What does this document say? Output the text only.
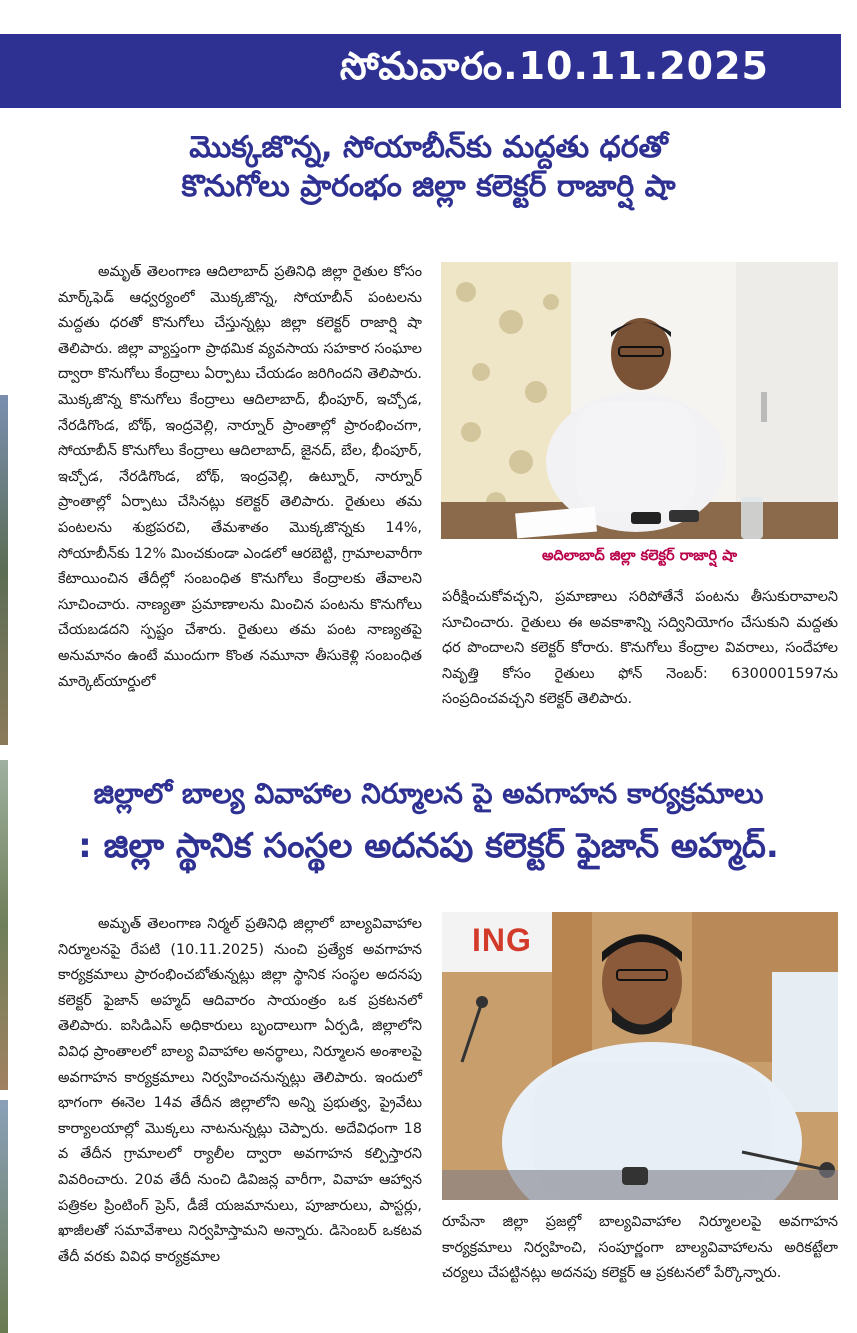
సోమవారం.10.11.2025
మొక్కజొన్న, సోయాబీన్‌కు మద్దతు ధరతో
కొనుగోలు ప్రారంభం జిల్లా కలెక్టర్ రాజార్షి షా

అమృత్ తెలంగాణ ఆదిలాబాద్ ప్రతినిధి జిల్లా రైతుల కోసం మార్క్‌ఫెడ్ ఆధ్వర్యంలో మొక్కజొన్న, సోయాబీన్ పంటలను మద్దతు ధరతో కొనుగోలు చేస్తున్నట్లు జిల్లా కలెక్టర్ రాజార్షి షా తెలిపారు. జిల్లా వ్యాప్తంగా ప్రాథమిక వ్యవసాయ సహకార సంఘాల ద్వారా కొనుగోలు కేంద్రాలు ఏర్పాటు చేయడం జరిగిందని తెలిపారు. మొక్కజొన్న కొనుగోలు కేంద్రాలు ఆదిలాబాద్, భీంపూర్, ఇచ్చోడ, నేరడిగొండ, బోథ్, ఇంద్రవెల్లి, నార్నూర్ ప్రాంతాల్లో ప్రారంభించగా, సోయాబీన్ కొనుగోలు కేంద్రాలు ఆదిలాబాద్, జైనద్, బేల, భీంపూర్, ఇచ్చోడ, నేరడిగొండ, బోథ్, ఇంద్రవెల్లి, ఉట్నూర్, నార్నూర్ ప్రాంతాల్లో ఏర్పాటు చేసినట్లు కలెక్టర్ తెలిపారు. రైతులు తమ పంటలను శుభ్రపరచి, తేమశాతం మొక్కజొన్నకు 14%, సోయాబీన్‌కు 12% మించకుండా ఎండలో ఆరబెట్టి, గ్రామాలవారీగా కేటాయించిన తేదీల్లో సంబంధిత కొనుగోలు కేంద్రాలకు తేవాలని సూచించారు. నాణ్యతా ప్రమాణాలను మించిన పంటను కొనుగోలు చేయబడదని స్పష్టం చేశారు. రైతులు తమ పంట నాణ్యతపై అనుమానం ఉంటే ముందుగా కొంత నమూనా తీసుకెళ్లి సంబంధిత మార్కెట్‌యార్డులో

అదిలాబాద్ జిల్లా కలెక్టర్ రాజార్షి షా

పరీక్షించుకోవచ్చని, ప్రమాణాలు సరిపోతేనే పంటను తీసుకురావాలని సూచించారు. రైతులు ఈ అవకాశాన్ని సద్వినియోగం చేసుకుని మద్దతు ధర పొందాలని కలెక్టర్ కోరారు. కొనుగోలు కేంద్రాల వివరాలు, సందేహాల నివృత్తి కోసం రైతులు ఫోన్ నెంబర్: 6300001597ను సంప్రదించవచ్చని కలెక్టర్ తెలిపారు.

జిల్లాలో బాల్య వివాహాల నిర్మూలన పై అవగాహన కార్యక్రమాలు
: జిల్లా స్థానిక సంస్థల అదనపు కలెక్టర్ ఫైజాన్ అహ్మద్.

అమృత్ తెలంగాణ నిర్మల్ ప్రతినిధి జిల్లాలో బాల్యవివాహాల నిర్మూలనపై రేపటి (10.11.2025) నుంచి ప్రత్యేక అవగాహన కార్యక్రమాలు ప్రారంభించబోతున్నట్లు జిల్లా స్థానిక సంస్థల అదనపు కలెక్టర్ ఫైజాన్ అహ్మద్ ఆదివారం సాయంత్రం ఒక ప్రకటనలో తెలిపారు. ఐసిడిఎస్ అధికారులు బృందాలుగా ఏర్పడి, జిల్లాలోని వివిధ ప్రాంతాలలో బాల్య వివాహాల అనర్థాలు, నిర్మూలన అంశాలపై అవగాహన కార్యక్రమాలు నిర్వహించనున్నట్లు తెలిపారు. ఇందులో భాగంగా ఈనెల 14వ తేదీన జిల్లాలోని అన్ని ప్రభుత్వ, ప్రైవేటు కార్యాలయాల్లో మొక్కలు నాటనున్నట్లు చెప్పారు. అదేవిధంగా 18 వ తేదీన గ్రామాలలో ర్యాలీల ద్వారా అవగాహన కల్పిస్తారని వివరించారు. 20వ తేదీ నుంచి డివిజన్ల వారీగా, వివాహ ఆహ్వాన పత్రికల ప్రింటింగ్ ప్రెస్, డీజే యజమానులు, పూజారులు, పాస్టర్లు, ఖాజీలతో సమావేశాలు నిర్వహిస్తామని అన్నారు. డిసెంబర్ ఒకటవ తేదీ వరకు వివిధ కార్యక్రమాల

ING

రూపేనా జిల్లా ప్రజల్లో బాల్యవివాహాల నిర్మూలలపై అవగాహన కార్యక్రమాలు నిర్వహించి, సంపూర్ణంగా బాల్యవివాహాలను అరికట్టేలా చర్యలు చేపట్టినట్లు అదనపు కలెక్టర్ ఆ ప్రకటనలో పేర్కొన్నారు.
